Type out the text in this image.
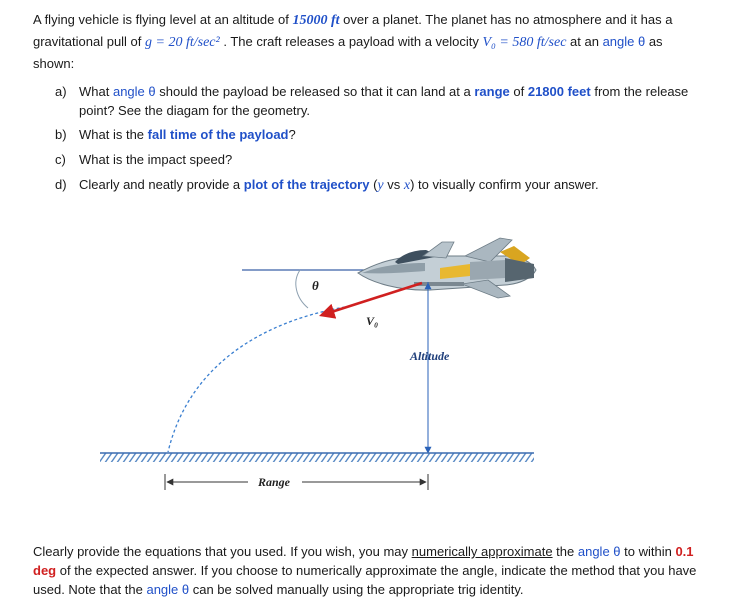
A flying vehicle is flying level at an altitude of 15000 ft over a planet. The planet has no atmosphere and it has a
gravitational pull of g = 20 ft/sec² . The craft releases a payload with a velocity V₀ = 580 ft/sec at an angle θ as
shown:
a) What angle θ should the payload be released so that it can land at a range of 21800 feet from the release
point? See the diagam for the geometry.
b) What is the fall time of the payload?
c) What is the impact speed?
d) Clearly and neatly provide a plot of the trajectory (y vs x) to visually confirm your answer.
θ
V₀
Altitude
Range
Clearly provide the equations that you used. If you wish, you may numerically approximate the angle θ to within 0.1
deg of the expected answer. If you choose to numerically approximate the angle, indicate the method that you have
used. Note that the angle θ can be solved manually using the appropriate trig identity.
